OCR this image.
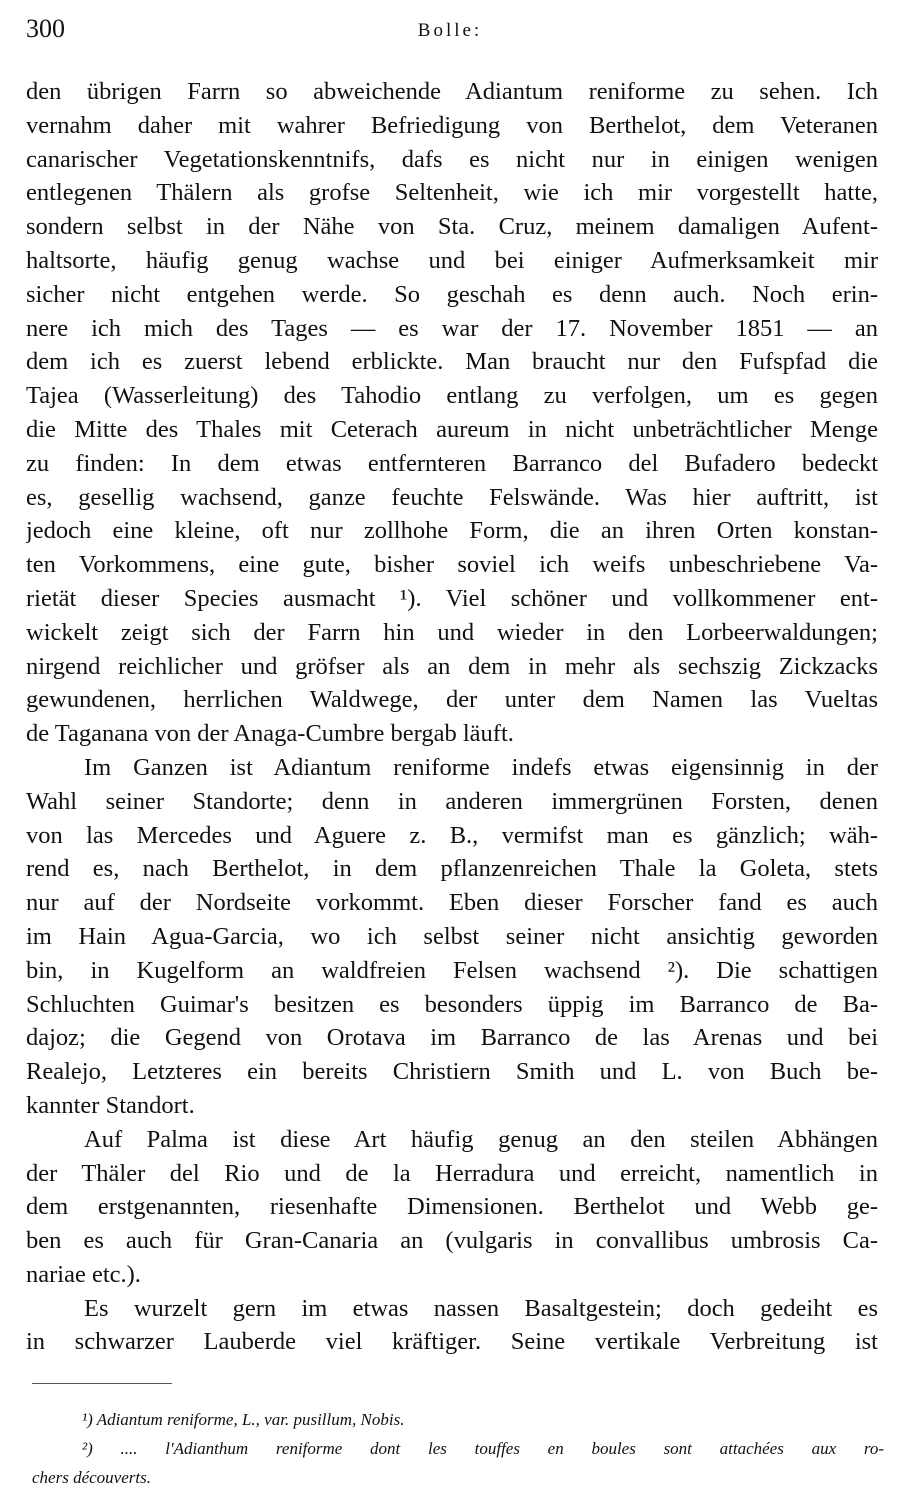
300	Bolle:
den übrigen Farrn so abweichende Adiantum reniforme zu sehen. Ich
vernahm daher mit wahrer Befriedigung von Berthelot, dem Veteranen
canarischer Vegetationskenntnifs, dafs es nicht nur in einigen wenigen
entlegenen Thälern als grofse Seltenheit, wie ich mir vorgestellt hatte,
sondern selbst in der Nähe von Sta. Cruz, meinem damaligen Aufent-
haltsorte, häufig genug wachse und bei einiger Aufmerksamkeit mir
sicher nicht entgehen werde. So geschah es denn auch. Noch erin-
nere ich mich des Tages — es war der 17. November 1851 — an
dem ich es zuerst lebend erblickte. Man braucht nur den Fufspfad die
Tajea (Wasserleitung) des Tahodio entlang zu verfolgen, um es gegen
die Mitte des Thales mit Ceterach aureum in nicht unbeträchtlicher Menge
zu finden: In dem etwas entfernteren Barranco del Bufadero bedeckt
es, gesellig wachsend, ganze feuchte Felswände. Was hier auftritt, ist
jedoch eine kleine, oft nur zollhohe Form, die an ihren Orten konstan-
ten Vorkommens, eine gute, bisher soviel ich weifs unbeschriebene Va-
rietät dieser Species ausmacht ¹). Viel schöner und vollkommener ent-
wickelt zeigt sich der Farrn hin und wieder in den Lorbeerwaldungen;
nirgend reichlicher und gröfser als an dem in mehr als sechszig Zickzacks
gewundenen, herrlichen Waldwege, der unter dem Namen las Vueltas
de Taganana von der Anaga-Cumbre bergab läuft.
Im Ganzen ist Adiantum reniforme indefs etwas eigensinnig in der
Wahl seiner Standorte; denn in anderen immergrünen Forsten, denen
von las Mercedes und Aguere z. B., vermifst man es gänzlich; wäh-
rend es, nach Berthelot, in dem pflanzenreichen Thale la Goleta, stets
nur auf der Nordseite vorkommt. Eben dieser Forscher fand es auch
im Hain Agua-Garcia, wo ich selbst seiner nicht ansichtig geworden
bin, in Kugelform an waldfreien Felsen wachsend ²). Die schattigen
Schluchten Guimar's besitzen es besonders üppig im Barranco de Ba-
dajoz; die Gegend von Orotava im Barranco de las Arenas und bei
Realejo, Letzteres ein bereits Christiern Smith und L. von Buch be-
kannter Standort.
Auf Palma ist diese Art häufig genug an den steilen Abhängen
der Thäler del Rio und de la Herradura und erreicht, namentlich in
dem erstgenannten, riesenhafte Dimensionen. Berthelot und Webb ge-
ben es auch für Gran-Canaria an (vulgaris in convallibus umbrosis Ca-
nariae etc.).
Es wurzelt gern im etwas nassen Basaltgestein; doch gedeiht es
in schwarzer Lauberde viel kräftiger. Seine vertikale Verbreitung ist
¹) Adiantum reniforme, L., var. pusillum, Nobis.
²) .... l'Adianthum reniforme dont les touffes en boules sont attachées aux ro-
chers découverts.
